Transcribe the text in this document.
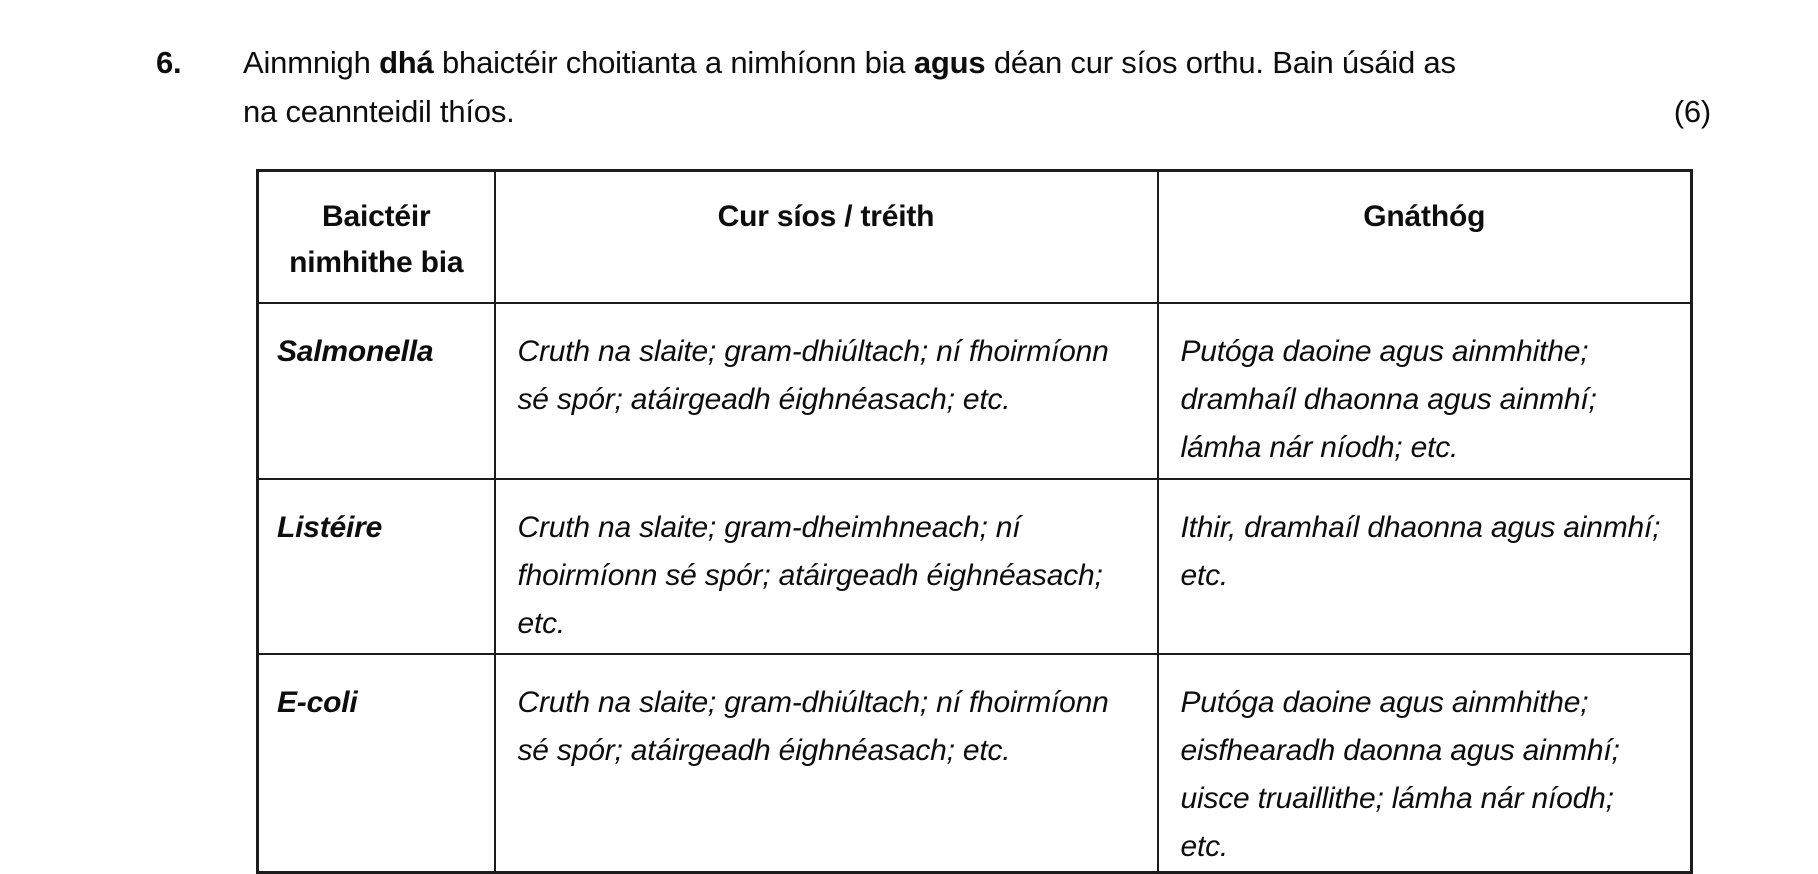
6.	Ainmnigh dhá bhaictéir choitianta a nimhíonn bia agus déan cur síos orthu. Bain úsáid as
na ceannteidil thíos.	(6)
Baictéir nimhithe bia	Cur síos / tréith	Gnáthóg
Salmonella	Cruth na slaite; gram-dhiúltach; ní fhoirmíonn sé spór; atáirgeadh éighnéasach; etc.	Putóga daoine agus ainmhithe; dramhaíl dhaonna agus ainmhí; lámha nár níodh; etc.
Listéire	Cruth na slaite; gram-dheimhneach; ní fhoirmíonn sé spór; atáirgeadh éighnéasach; etc.	Ithir, dramhaíl dhaonna agus ainmhí; etc.
E-coli	Cruth na slaite; gram-dhiúltach; ní fhoirmíonn sé spór; atáirgeadh éighnéasach; etc.	Putóga daoine agus ainmhithe; eisfhearadh daonna agus ainmhí; uisce truaillithe; lámha nár níodh; etc.
